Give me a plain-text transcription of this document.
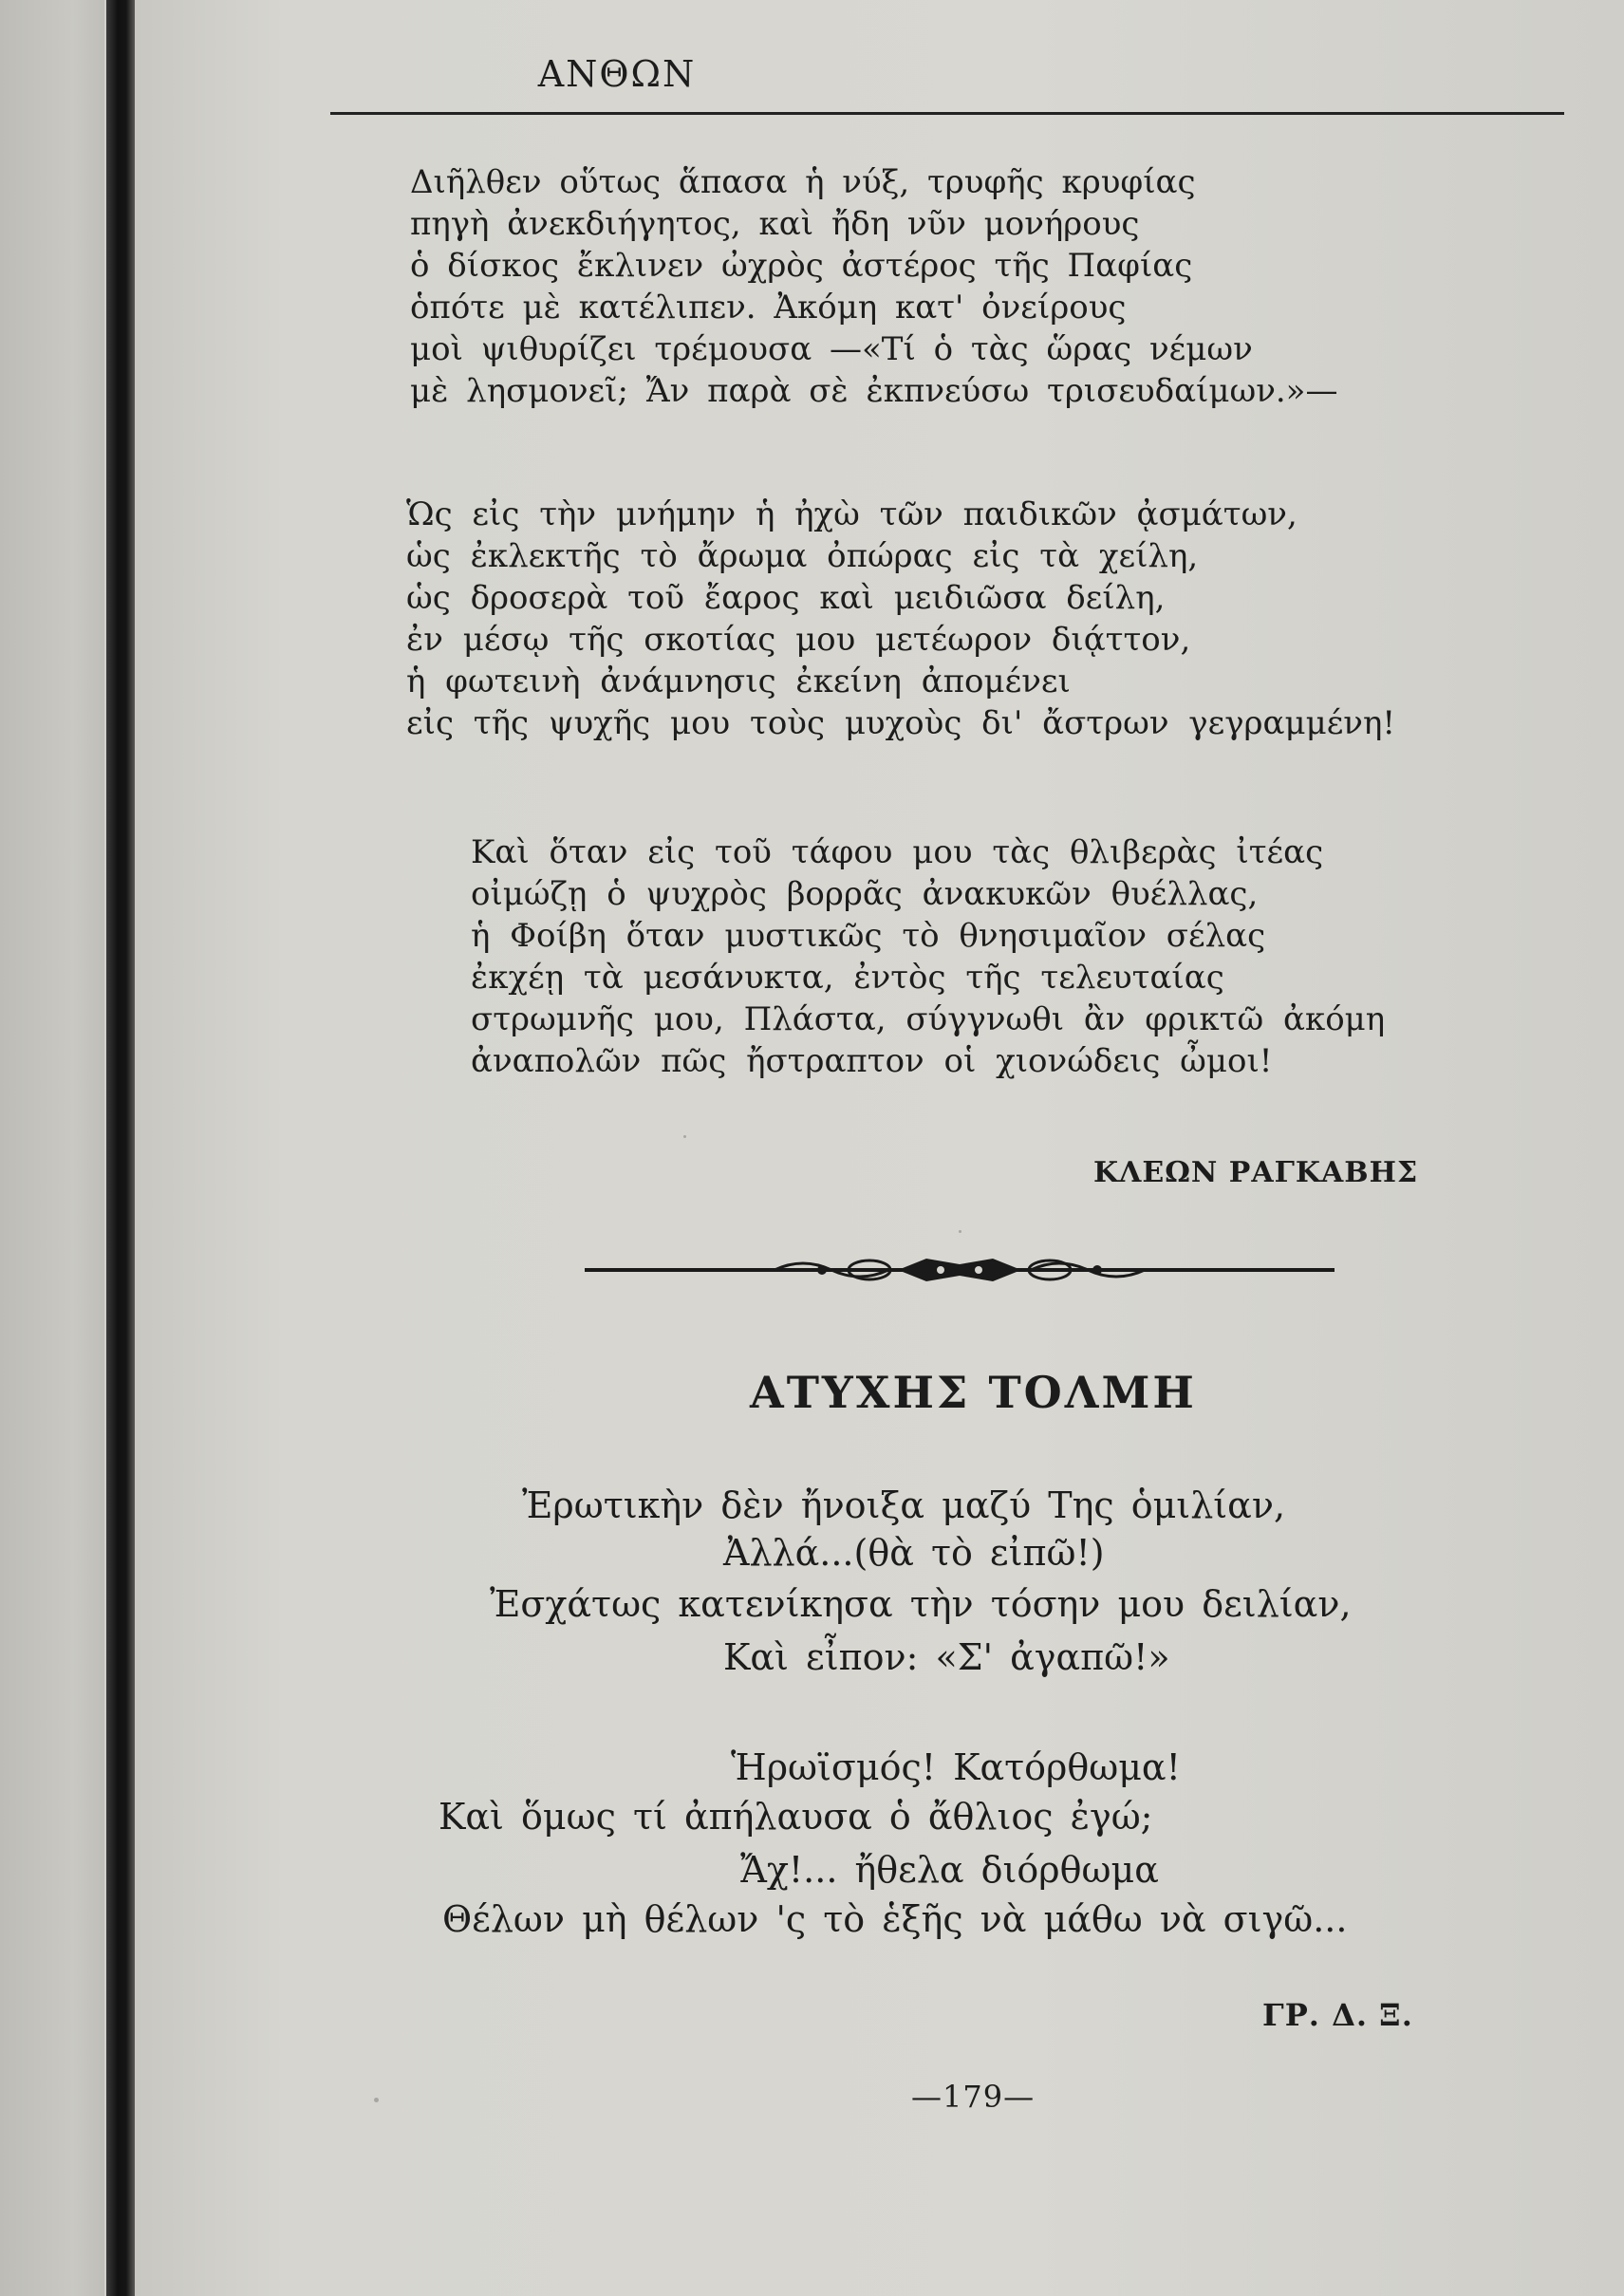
ΑΝΘΩΝ
Διῆλθεν οὕτως ἅπασα ἡ νύξ, τρυφῆς κρυφίας
πηγὴ ἀνεκδιήγητος, καὶ ἤδη νῦν μονήρους
ὁ δίσκος ἔκλινεν ὠχρὸς ἀστέρος τῆς Παφίας
ὁπότε μὲ κατέλιπεν. Ἀκόμη κατ' ὀνείρους
μοὶ ψιθυρίζει τρέμουσα —«Τί ὁ τὰς ὥρας νέμων
μὲ λησμονεῖ; Ἄν παρὰ σὲ ἐκπνεύσω τρισευδαίμων.»—
Ὡς εἰς τὴν μνήμην ἡ ἠχὼ τῶν παιδικῶν ᾀσμάτων,
ὡς ἐκλεκτῆς τὸ ἄρωμα ὀπώρας εἰς τὰ χείλη,
ὡς δροσερὰ τοῦ ἔαρος καὶ μειδιῶσα δείλη,
ἐν μέσῳ τῆς σκοτίας μου μετέωρον διᾴττον,
ἡ φωτεινὴ ἀνάμνησις ἐκείνη ἀπομένει
εἰς τῆς ψυχῆς μου τοὺς μυχοὺς δι' ἄστρων γεγραμμένη!
Καὶ ὅταν εἰς τοῦ τάφου μου τὰς θλιβερὰς ἰτέας
οἰμώζῃ ὁ ψυχρὸς βορρᾶς ἀνακυκῶν θυέλλας,
ἡ Φοίβη ὅταν μυστικῶς τὸ θνησιμαῖον σέλας
ἐκχέῃ τὰ μεσάνυκτα, ἐντὸς τῆς τελευταίας
στρωμνῆς μου, Πλάστα, σύγγνωθι ἂν φρικτῶ ἀκόμη
ἀναπολῶν πῶς ἤστραπτον οἱ χιονώδεις ὦμοι!
ΚΛΕΩΝ ΡΑΓΚΑΒΗΣ
ΑΤΥΧΗΣ ΤΟΛΜΗ
Ἐρωτικὴν δὲν ἤνοιξα μαζύ Της ὁμιλίαν,
Ἀλλά...(θὰ τὸ εἰπῶ!)
Ἐσχάτως κατενίκησα τὴν τόσην μου δειλίαν,
Καὶ εἶπον: «Σ' ἀγαπῶ!»
Ἡρωϊσμός! Κατόρθωμα!
Καὶ ὅμως τί ἀπήλαυσα ὁ ἄθλιος ἐγώ;
Ἄχ!... ἤθελα διόρθωμα
Θέλων μὴ θέλων 'ς τὸ ἑξῆς νὰ μάθω νὰ σιγῶ...
ΓΡ. Δ. Ξ.
—179—
